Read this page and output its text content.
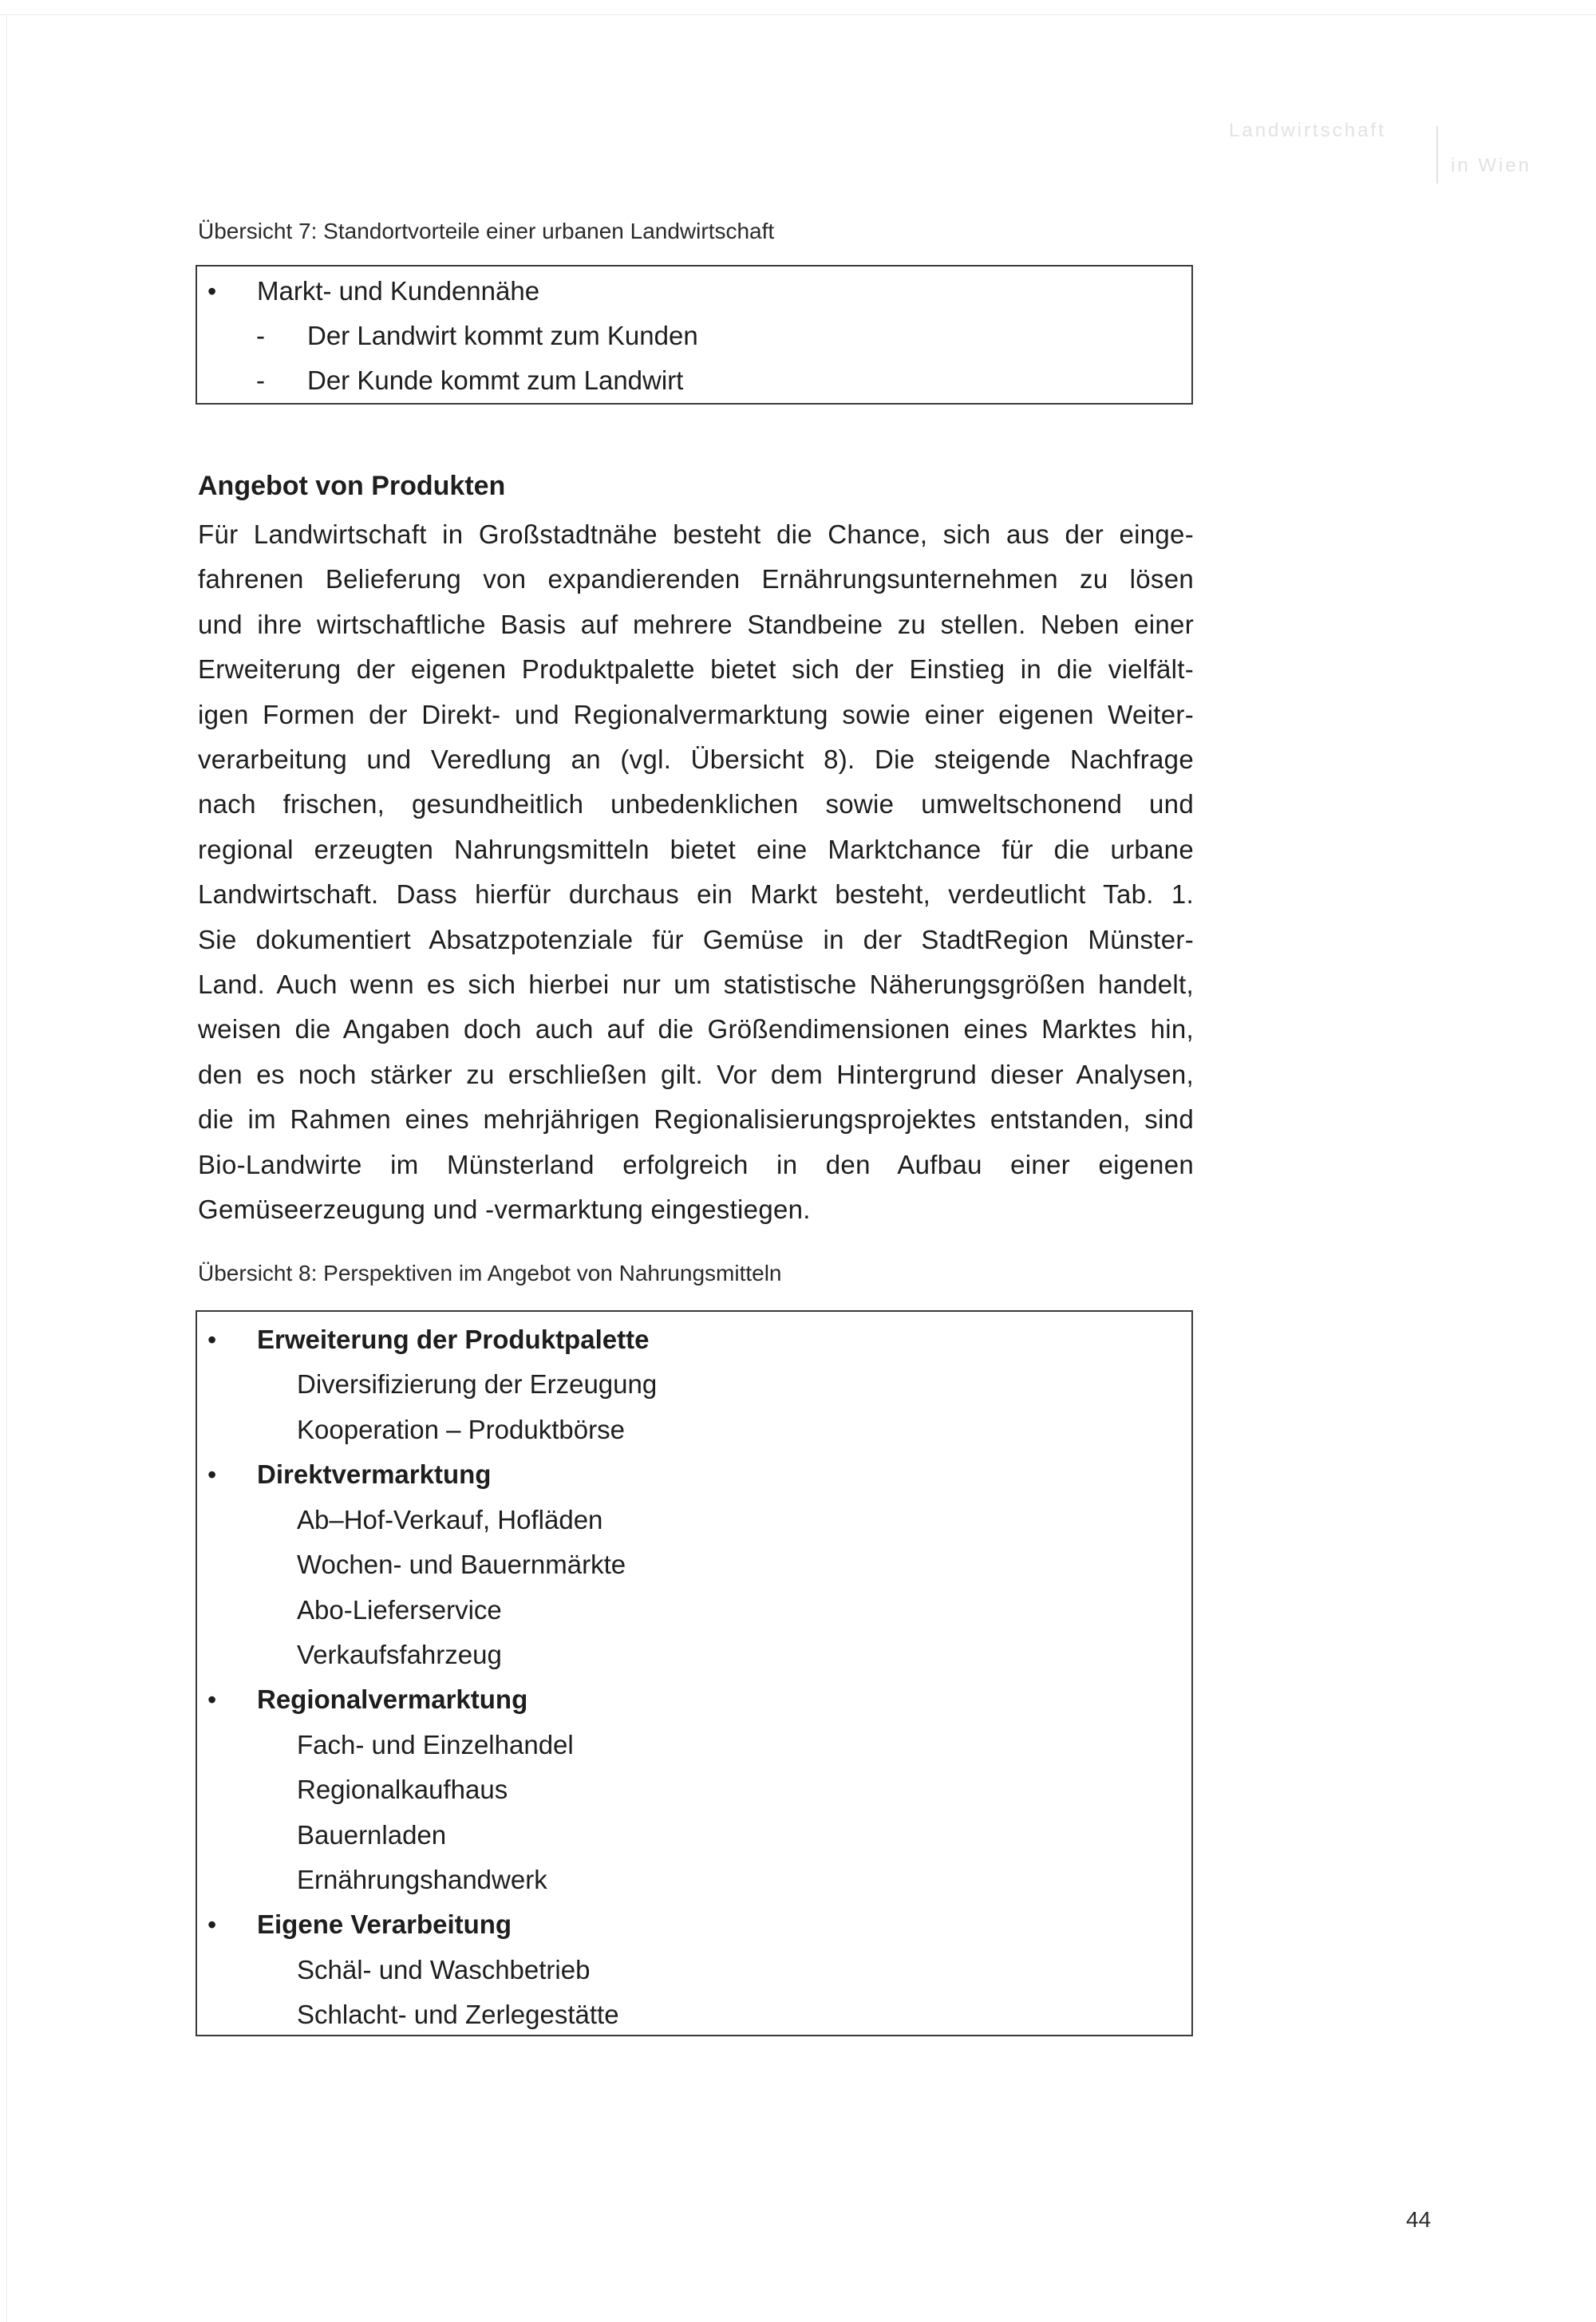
Landwirtschaft
in Wien
Übersicht 7: Standortvorteile einer urbanen Landwirtschaft
• Markt- und Kundennähe
- Der Landwirt kommt zum Kunden
- Der Kunde kommt zum Landwirt
Angebot von Produkten
Für Landwirtschaft in Großstadtnähe besteht die Chance, sich aus der einge-
fahrenen Belieferung von expandierenden Ernährungsunternehmen zu lösen
und ihre wirtschaftliche Basis auf mehrere Standbeine zu stellen. Neben einer
Erweiterung der eigenen Produktpalette bietet sich der Einstieg in die vielfält-
igen Formen der Direkt- und Regionalvermarktung sowie einer eigenen Weiter-
verarbeitung und Veredlung an (vgl. Übersicht 8). Die steigende Nachfrage
nach frischen, gesundheitlich unbedenklichen sowie umweltschonend und
regional erzeugten Nahrungsmitteln bietet eine Marktchance für die urbane
Landwirtschaft. Dass hierfür durchaus ein Markt besteht, verdeutlicht Tab. 1.
Sie dokumentiert Absatzpotenziale für Gemüse in der StadtRegion Münster-
Land. Auch wenn es sich hierbei nur um statistische Näherungsgrößen handelt,
weisen die Angaben doch auch auf die Größendimensionen eines Marktes hin,
den es noch stärker zu erschließen gilt. Vor dem Hintergrund dieser Analysen,
die im Rahmen eines mehrjährigen Regionalisierungsprojektes entstanden, sind
Bio-Landwirte im Münsterland erfolgreich in den Aufbau einer eigenen
Gemüseerzeugung und -vermarktung eingestiegen.
Übersicht 8: Perspektiven im Angebot von Nahrungsmitteln
• Erweiterung der Produktpalette
Diversifizierung der Erzeugung
Kooperation – Produktbörse
• Direktvermarktung
Ab–Hof-Verkauf, Hofläden
Wochen- und Bauernmärkte
Abo-Lieferservice
Verkaufsfahrzeug
• Regionalvermarktung
Fach- und Einzelhandel
Regionalkaufhaus
Bauernladen
Ernährungshandwerk
• Eigene Verarbeitung
Schäl- und Waschbetrieb
Schlacht- und Zerlegestätte
44
